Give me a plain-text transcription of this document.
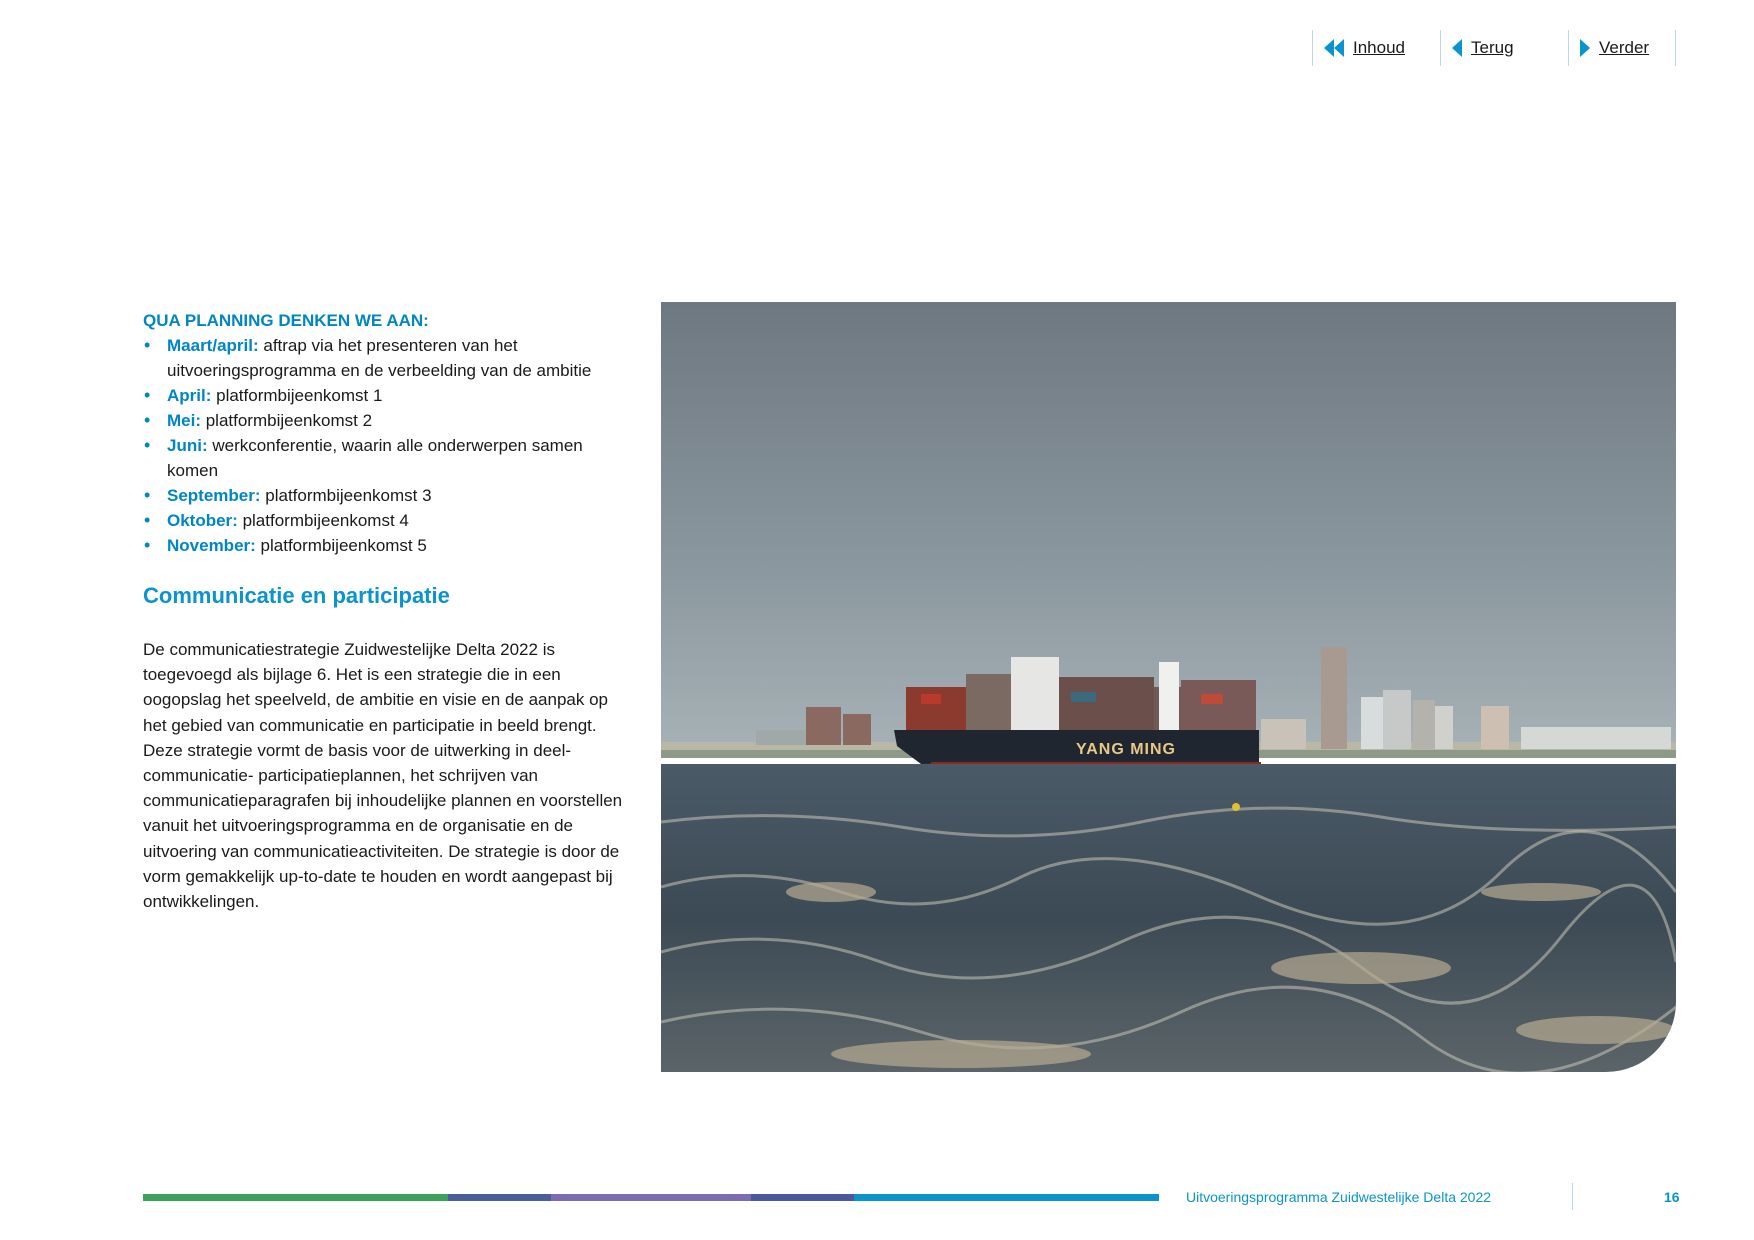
Inhoud	Terug	Verder
QUA PLANNING DENKEN WE AAN:
• Maart/april: aftrap via het presenteren van het uitvoeringsprogramma en de verbeelding van de ambitie
• April: platformbijeenkomst 1
• Mei: platformbijeenkomst 2
• Juni: werkconferentie, waarin alle onderwerpen samen komen
• September: platformbijeenkomst 3
• Oktober: platformbijeenkomst 4
• November: platformbijeenkomst 5
Communicatie en participatie
De communicatiestrategie Zuidwestelijke Delta 2022 is toegevoegd als bijlage 6. Het is een strategie die in een oogopslag het speelveld, de ambitie en visie en de aanpak op het gebied van communicatie en participatie in beeld brengt. Deze strategie vormt de basis voor de uitwerking in deel-communicatie- participatieplannen, het schrijven van communicatieparagrafen bij inhoudelijke plannen en voorstellen vanuit het uitvoeringsprogramma en de organisatie en de uitvoering van communicatieactiviteiten. De strategie is door de vorm gemakkelijk up-to-date te houden en wordt aangepast bij ontwikkelingen.
YANG MING
Uitvoeringsprogramma Zuidwestelijke Delta 2022	16
